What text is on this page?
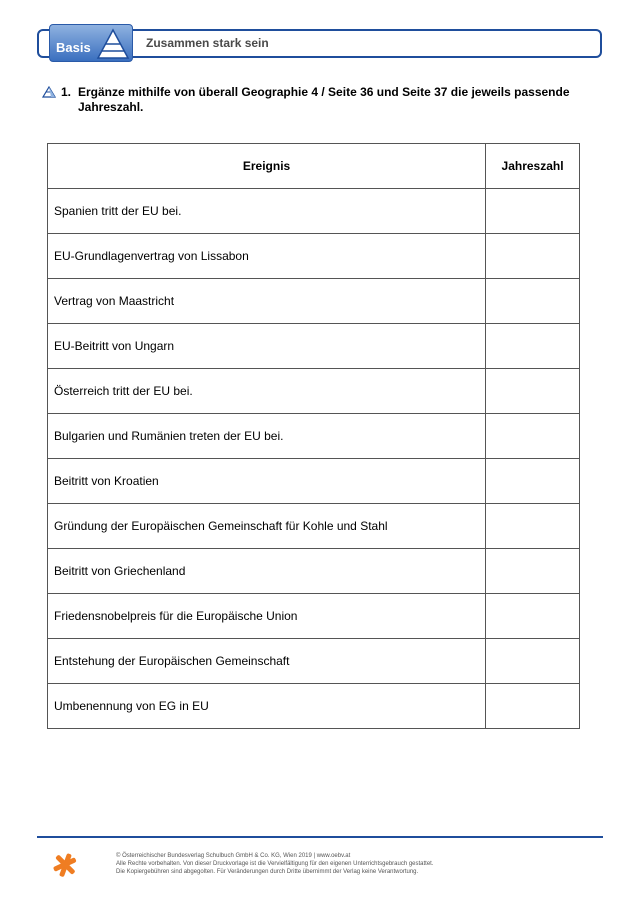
Basis	Zusammen stark sein
1. Ergänze mithilfe von überall Geographie 4 / Seite 36 und Seite 37 die jeweils passende
Jahreszahl.
Ereignis	Jahreszahl
Spanien tritt der EU bei.	
EU-Grundlagenvertrag von Lissabon	
Vertrag von Maastricht	
EU-Beitritt von Ungarn	
Österreich tritt der EU bei.	
Bulgarien und Rumänien treten der EU bei.	
Beitritt von Kroatien	
Gründung der Europäischen Gemeinschaft für Kohle und Stahl	
Beitritt von Griechenland	
Friedensnobelpreis für die Europäische Union	
Entstehung der Europäischen Gemeinschaft	
Umbenennung von EG in EU	
© Österreichischer Bundesverlag Schulbuch GmbH & Co. KG, Wien 2019 | www.oebv.at
Alle Rechte vorbehalten. Von dieser Druckvorlage ist die Vervielfältigung für den eigenen Unterrichtsgebrauch gestattet.
Die Kopiergebühren sind abgegolten. Für Veränderungen durch Dritte übernimmt der Verlag keine Verantwortung.
